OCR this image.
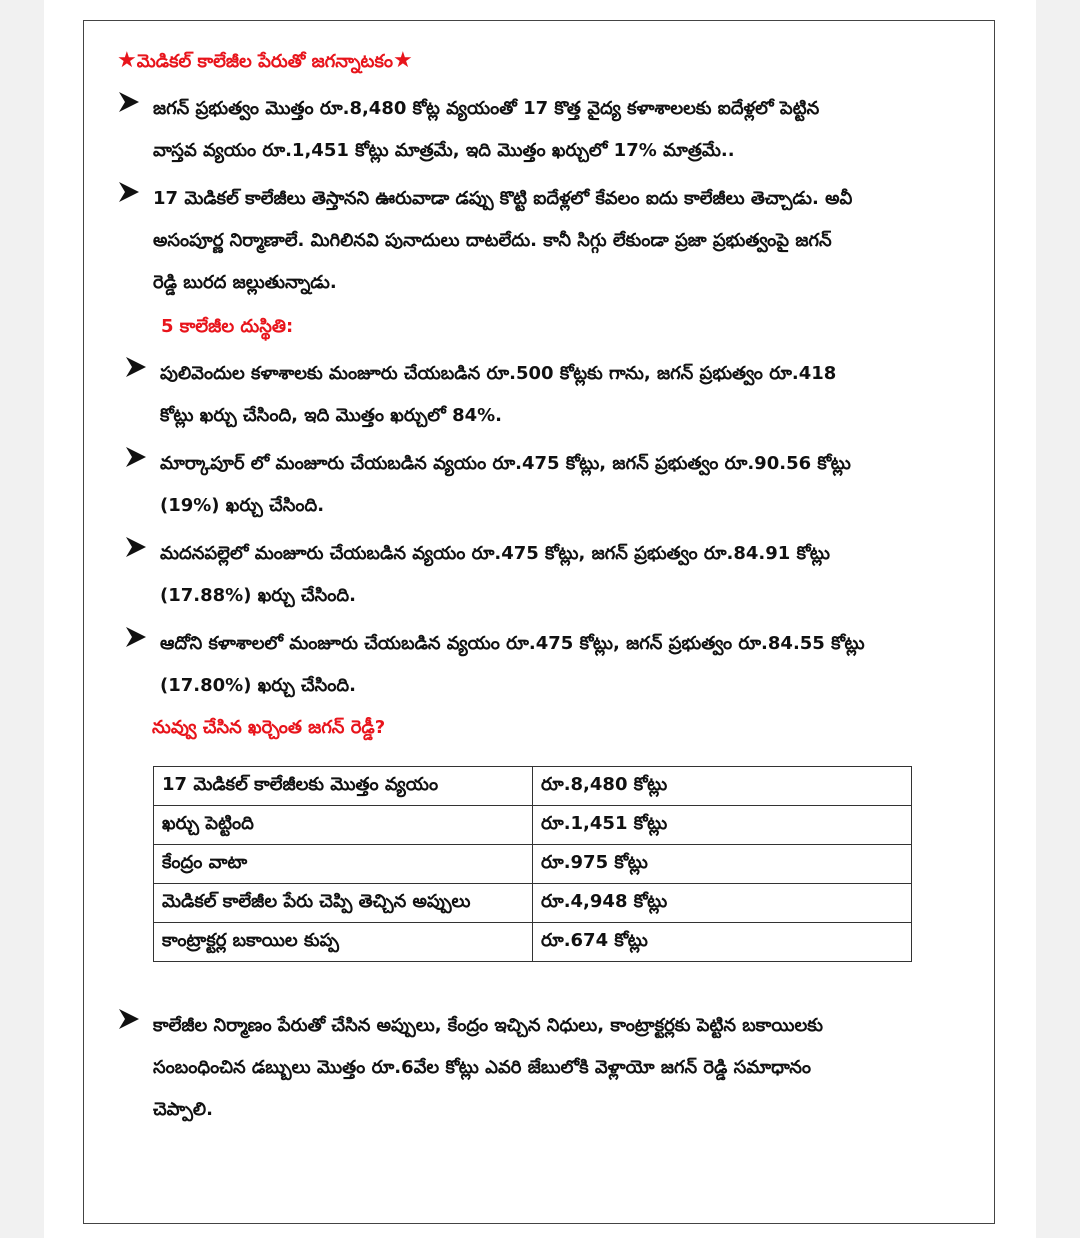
★మెడికల్ కాలేజీల పేరుతో జగన్నాటకం★
జగన్ ప్రభుత్వం మొత్తం రూ.8,480 కోట్ల వ్యయంతో 17 కొత్త వైద్య కళాశాలలకు ఐదేళ్లలో పెట్టిన
వాస్తవ వ్యయం రూ.1,451 కోట్లు మాత్రమే, ఇది మొత్తం ఖర్చులో 17% మాత్రమే..
17 మెడికల్ కాలేజీలు తెస్తానని ఊరువాడా డప్పు కొట్టి ఐదేళ్లలో కేవలం ఐదు కాలేజీలు తెచ్చాడు. అవీ
అసంపూర్ణ నిర్మాణాలే. మిగిలినవి పునాదులు దాటలేదు. కానీ సిగ్గు లేకుండా ప్రజా ప్రభుత్వంపై జగన్
రెడ్డి బురద జల్లుతున్నాడు.
5 కాలేజీల దుస్థితి:
పులివెందుల కళాశాలకు మంజూరు చేయబడిన రూ.500 కోట్లకు గాను, జగన్ ప్రభుత్వం రూ.418
కోట్లు ఖర్చు చేసింది, ఇది మొత్తం ఖర్చులో 84%.
మార్కాపూర్ లో మంజూరు చేయబడిన వ్యయం రూ.475 కోట్లు, జగన్ ప్రభుత్వం రూ.90.56 కోట్లు
(19%) ఖర్చు చేసింది.
మదనపల్లెలో మంజూరు చేయబడిన వ్యయం రూ.475 కోట్లు, జగన్ ప్రభుత్వం రూ.84.91 కోట్లు
(17.88%) ఖర్చు చేసింది.
ఆదోని కళాశాలలో మంజూరు చేయబడిన వ్యయం రూ.475 కోట్లు, జగన్ ప్రభుత్వం రూ.84.55 కోట్లు
(17.80%) ఖర్చు చేసింది.
నువ్వు చేసిన ఖర్చెంత జగన్ రెడ్డీ?
17 మెడికల్ కాలేజీలకు మొత్తం వ్యయం	రూ.8,480 కోట్లు
ఖర్చు పెట్టింది	రూ.1,451 కోట్లు
కేంద్రం వాటా	రూ.975 కోట్లు
మెడికల్ కాలేజీల పేరు చెప్పి తెచ్చిన అప్పులు	రూ.4,948 కోట్లు
కాంట్రాక్టర్ల బకాయిల కుప్ప	రూ.674 కోట్లు
కాలేజీల నిర్మాణం పేరుతో చేసిన అప్పులు, కేంద్రం ఇచ్చిన నిధులు, కాంట్రాక్టర్లకు పెట్టిన బకాయిలకు
సంబంధించిన డబ్బులు మొత్తం రూ.6వేల కోట్లు ఎవరి జేబులోకి వెళ్లాయో జగన్ రెడ్డి సమాధానం
చెప్పాలి.
